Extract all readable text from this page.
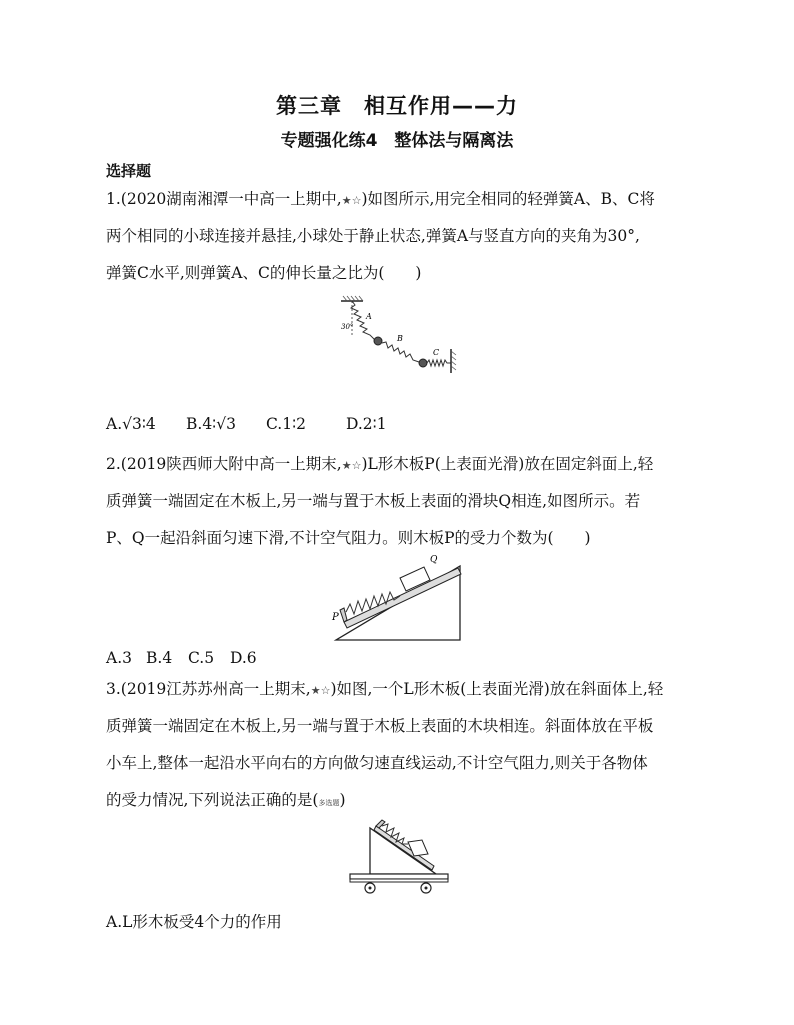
第三章　相互作用——力
专题强化练4　整体法与隔离法
选择题
1.(2020湖南湘潭一中高一上期中,★☆)如图所示,用完全相同的轻弹簧A、B、C将
两个相同的小球连接并悬挂,小球处于静止状态,弹簧A与竖直方向的夹角为30°,
弹簧C水平,则弹簧A、C的伸长量之比为(　　)
A
30°
B
C
A.√3∶4 B.4∶√3 C.1∶2	D.2∶1
2.(2019陕西师大附中高一上期末,★☆)L形木板P(上表面光滑)放在固定斜面上,轻
质弹簧一端固定在木板上,另一端与置于木板上表面的滑块Q相连,如图所示。若
P、Q一起沿斜面匀速下滑,不计空气阻力。则木板P的受力个数为(　　)
P
Q
A.3 B.4 C.5 D.6
3.(2019江苏苏州高一上期末,★☆)如图,一个L形木板(上表面光滑)放在斜面体上,轻
质弹簧一端固定在木板上,另一端与置于木板上表面的木块相连。斜面体放在平板
小车上,整体一起沿水平向右的方向做匀速直线运动,不计空气阻力,则关于各物体
的受力情况,下列说法正确的是(多选题)
A.L形木板受4个力的作用
